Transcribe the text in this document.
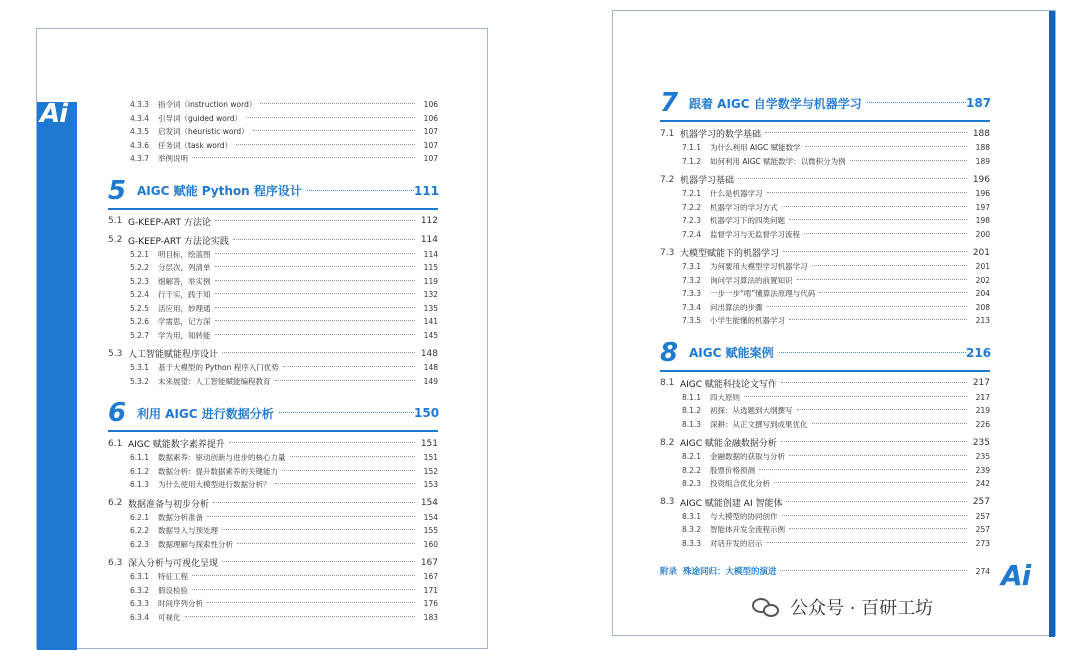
Ai
Ai
4.3.3	指令词（instruction word）	106
4.3.4	引导词（guided word）	106
4.3.5	启发词（heuristic word）	107
4.3.6	任务词（task word）	107
4.3.7	举例说明	107
5 AIGC 赋能 Python 程序设计	111
5.1 G-KEEP-ART 方法论	112
5.2 G-KEEP-ART 方法论实践	114
5.2.1	明目标，绘蓝图	114
5.2.2	分层次，列清单	115
5.2.3	细解答，举实例	119
5.2.4	行于实，践于知	132
5.2.5	活应用，妙理通	135
5.2.6	学需思，记方深	141
5.2.7	学为用，知转能	145
5.3 人工智能赋能程序设计	148
5.3.1	基于大模型的 Python 程序入门优势	148
5.3.2	未来展望：人工智能赋能编程教育	149
6 利用 AIGC 进行数据分析	150
6.1 AIGC 赋能数字素养提升	151
6.1.1	数据素养：驱动创新与进步的核心力量	151
6.1.2	数据分析：提升数据素养的关键能力	152
6.1.3	为什么使用大模型进行数据分析？	153
6.2 数据准备与初步分析	154
6.2.1	数据分析准备	154
6.2.2	数据导入与预处理	155
6.2.3	数据理解与探索性分析	160
6.3 深入分析与可视化呈现	167
6.3.1	特征工程	167
6.3.2	假设检验	171
6.3.3	时间序列分析	176
6.3.4	可视化	183
7 跟着 AIGC 自学数学与机器学习	187
7.1 机器学习的数学基础	188
7.1.1	为什么利用 AIGC 赋能数学	188
7.1.2	如何利用 AIGC 赋能数学：以微积分为例	189
7.2 机器学习基础	196
7.2.1	什么是机器学习	196
7.2.2	机器学习的学习方式	197
7.2.3	机器学习下的四类问题	198
7.2.4	监督学习与无监督学习流程	200
7.3 大模型赋能下的机器学习	201
7.3.1	为何要用大模型学习机器学习	201
7.3.2	询问学习算法的前置知识	202
7.3.3	一步一步“啃”懂算法原理与代码	204
7.3.4	问出算法的步骤	208
7.3.5	小学生能懂的机器学习	213
8 AIGC 赋能案例	216
8.1 AIGC 赋能科技论文写作	217
8.1.1	四大原则	217
8.1.2	初探：从选题到大纲撰写	219
8.1.3	深耕：从正文撰写到成果优化	226
8.2 AIGC 赋能金融数据分析	235
8.2.1	金融数据的获取与分析	235
8.2.2	股票价格预测	239
8.2.3	投资组合优化分析	242
8.3 AIGC 赋能创建 AI 智能体	257
8.3.1	与大模型的协同创作	257
8.3.2	智能体开发全流程示例	257
8.3.3	对话开发的启示	273
附录 殊途同归：大模型的演进	274
公众号 · 百研工坊
